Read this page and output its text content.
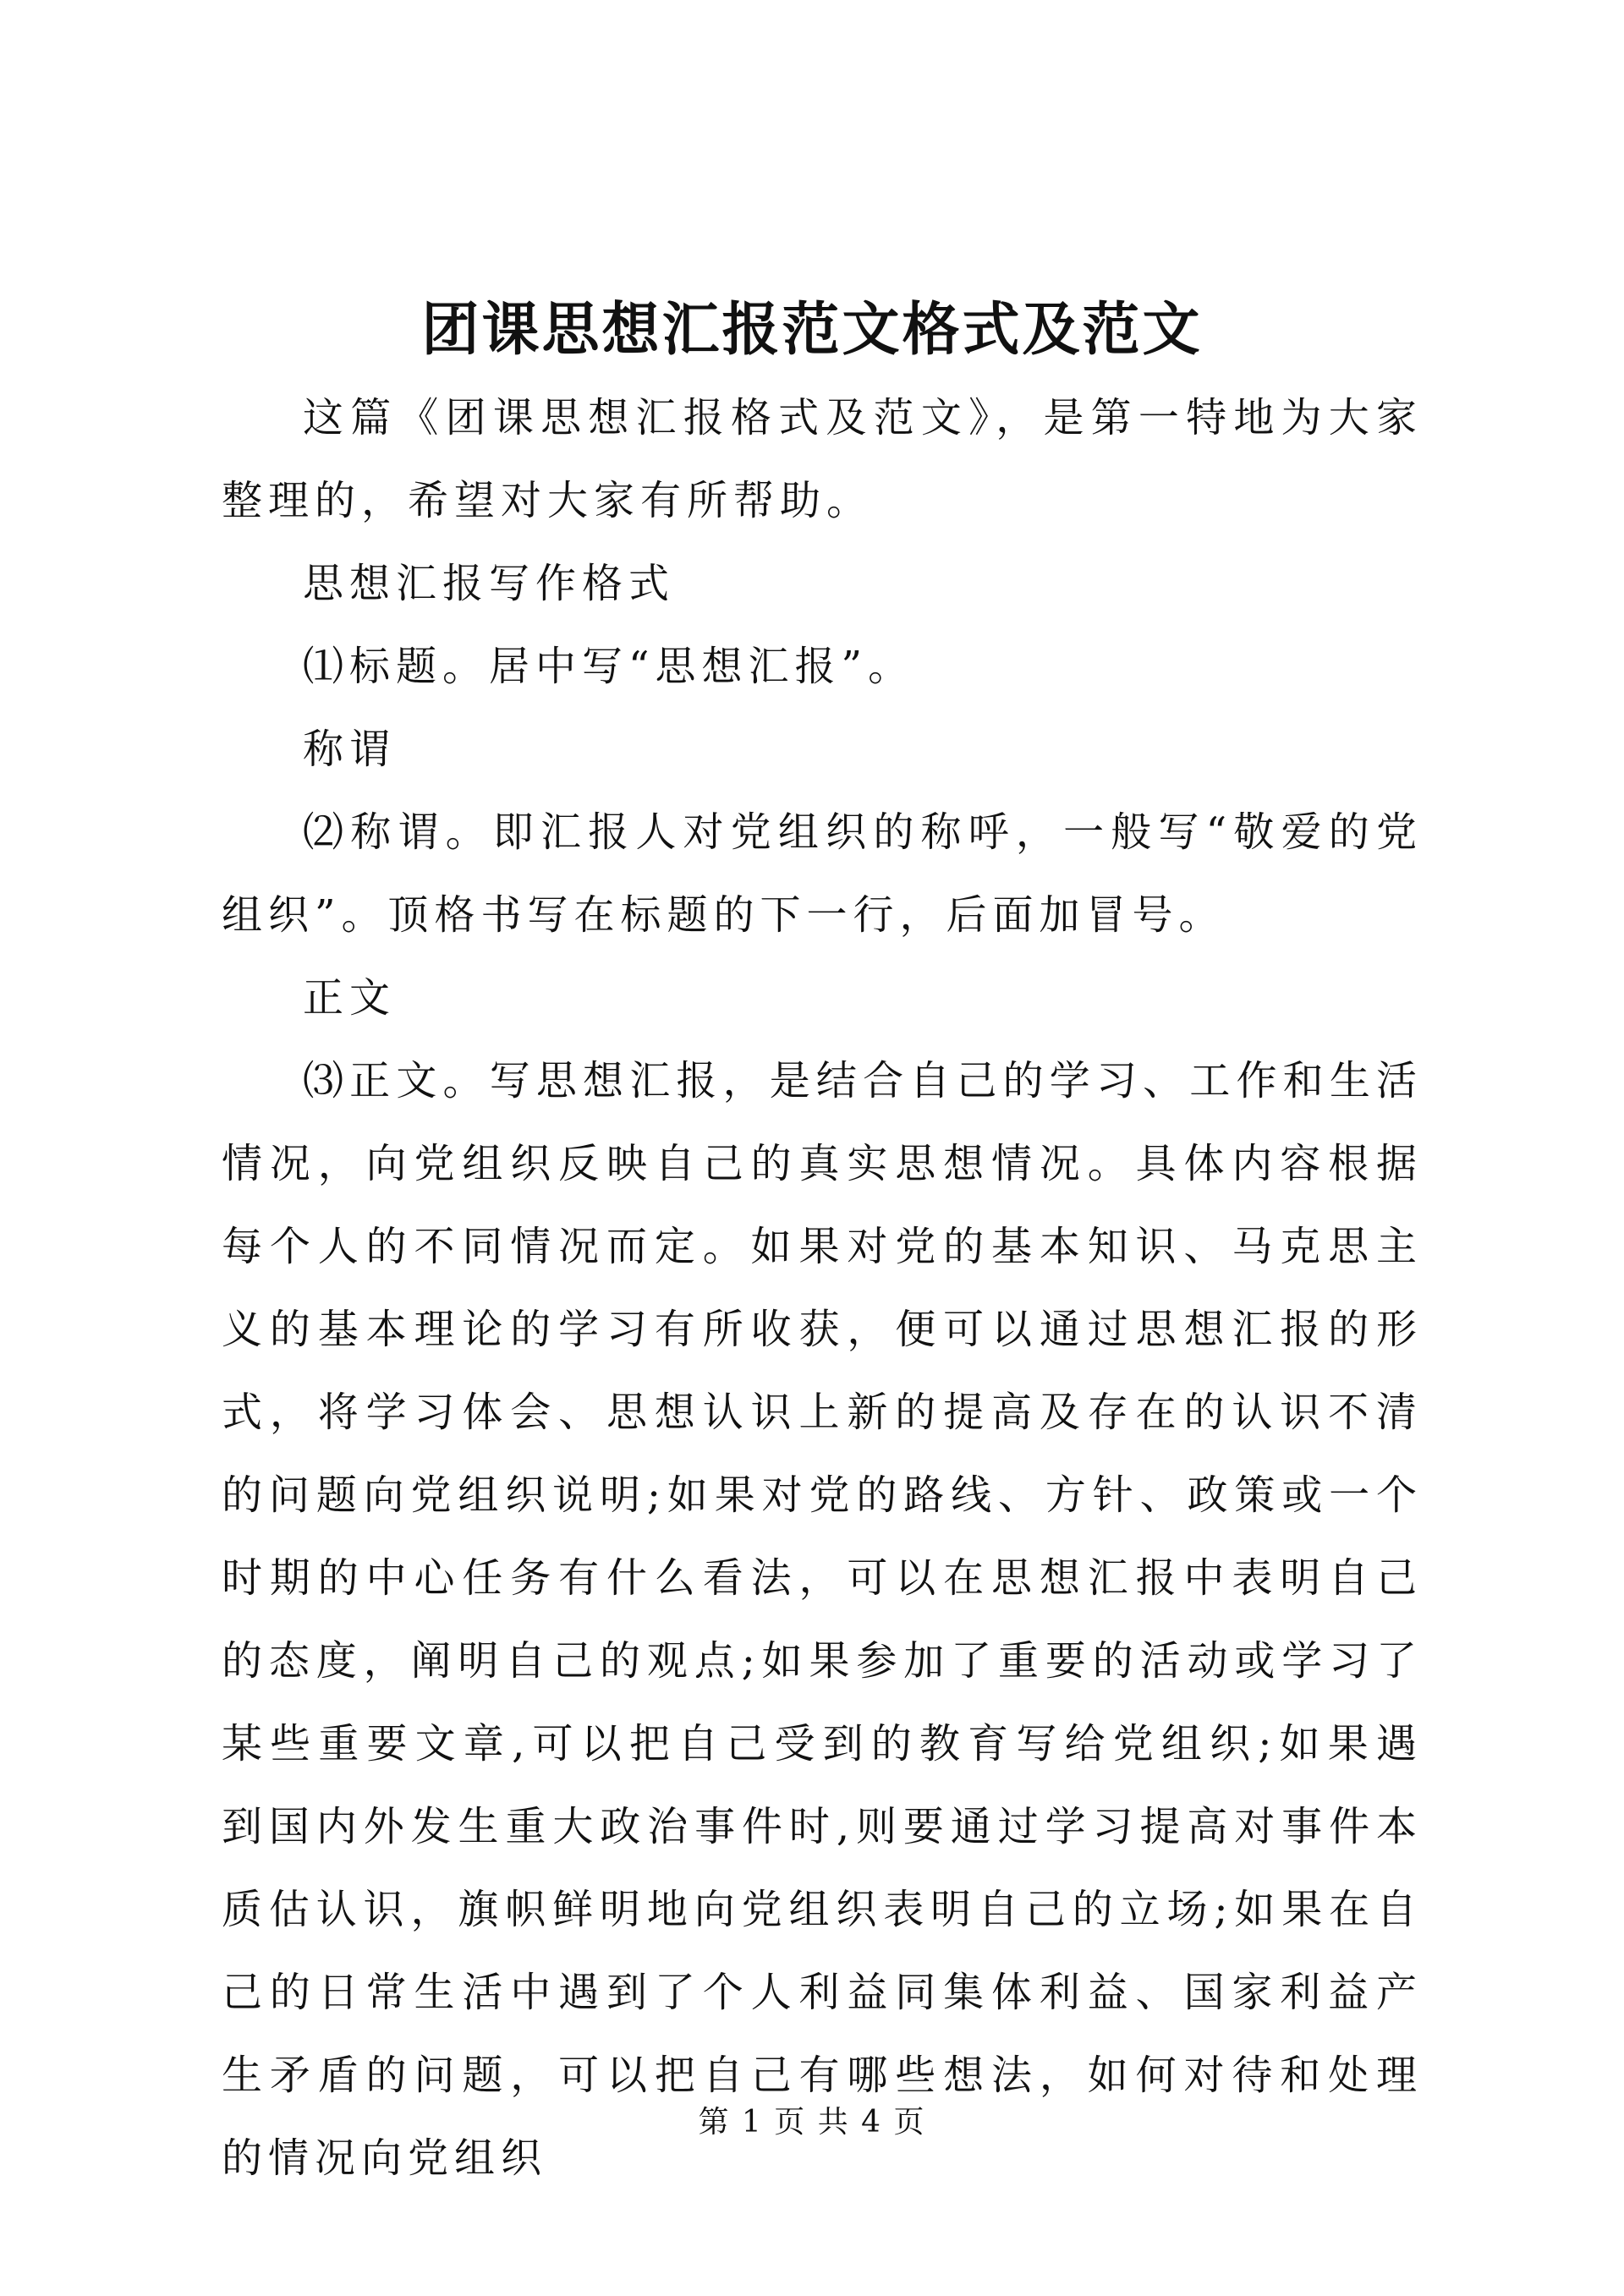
团课思想汇报范文格式及范文

这篇《团课思想汇报格式及范文》，是第一特地为大家整理的，希望对大家有所帮助。

思想汇报写作格式

⑴标题。居中写“思想汇报”。

称谓

⑵称谓。即汇报人对党组织的称呼，一般写“敬爱的党组织”。顶格书写在标题的下一行，后面加冒号。

正文

⑶正文。写思想汇报，是结合自己的学习、工作和生活情况，向党组织反映自己的真实思想情况。具体内容根据每个人的不同情况而定。如果对党的基本知识、马克思主义的基本理论的学习有所收获，便可以通过思想汇报的形式，将学习体会、思想认识上新的提高及存在的认识不清的问题向党组织说明;如果对党的路线、方针、政策或一个时期的中心任务有什么看法，可以在思想汇报中表明自己的态度，阐明自己的观点;如果参加了重要的活动或学习了某些重要文章,可以把自己受到的教育写给党组织;如果遇到国内外发生重大政治事件时,则要通过学习提高对事件本质估认识，旗帜鲜明地向党组织表明自己的立场;如果在自己的日常生活中遇到了个人利益同集体利益、国家利益产生矛盾的问题，可以把自己有哪些想法，如何对待和处理的情况向党组织

第 1 页 共 4 页
